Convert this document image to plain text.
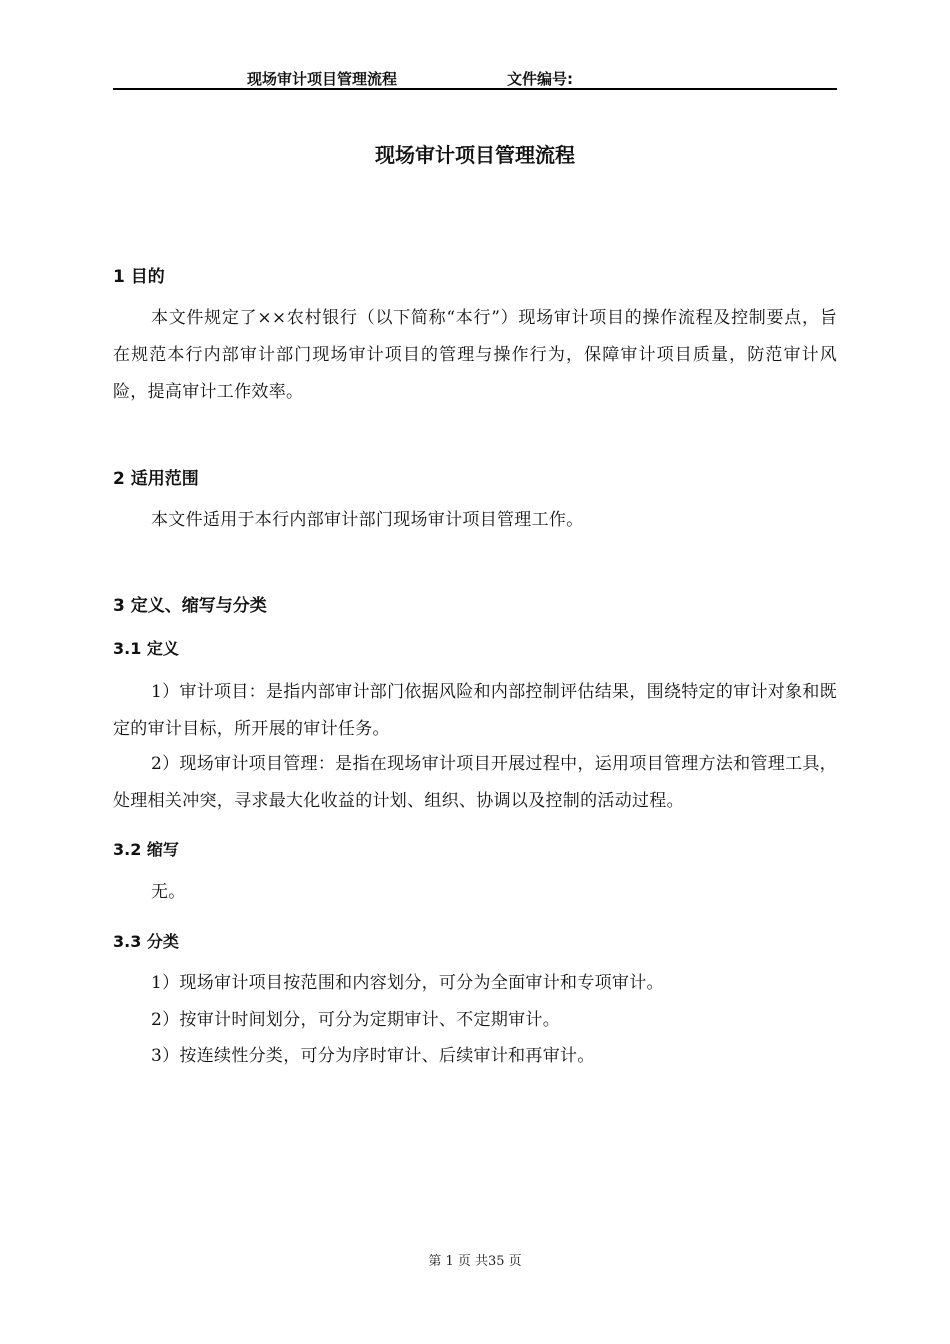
现场审计项目管理流程	文件编号:
现场审计项目管理流程
1 目的
本文件规定了××农村银行（以下简称“本行”）现场审计项目的操作流程及控制要点，旨在规范本行内部审计部门现场审计项目的管理与操作行为，保障审计项目质量，防范审计风险，提高审计工作效率。
2 适用范围
本文件适用于本行内部审计部门现场审计项目管理工作。
3 定义、缩写与分类
3.1 定义
1）审计项目：是指内部审计部门依据风险和内部控制评估结果，围绕特定的审计对象和既定的审计目标，所开展的审计任务。
2）现场审计项目管理：是指在现场审计项目开展过程中，运用项目管理方法和管理工具，处理相关冲突，寻求最大化收益的计划、组织、协调以及控制的活动过程。
3.2 缩写
无。
3.3 分类
1）现场审计项目按范围和内容划分，可分为全面审计和专项审计。
2）按审计时间划分，可分为定期审计、不定期审计。
3）按连续性分类，可分为序时审计、后续审计和再审计。
第 1 页 共35 页
